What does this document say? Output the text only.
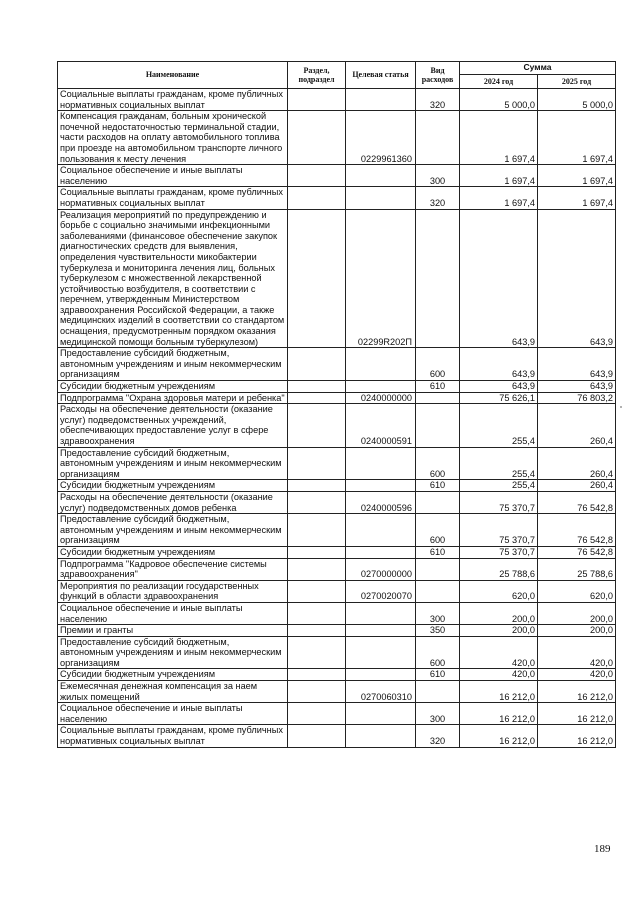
Наименование	Раздел, подраздел	Целевая статья	Вид расходов	Сумма	
				2024 год	2025 год
Социальные выплаты гражданам, кроме публичных нормативных социальных выплат			320	5 000,0	5 000,0
Компенсация гражданам, больным хронической почечной недостаточностью терминальной стадии, части расходов на оплату автомобильного топлива при проезде на автомобильном транспорте личного пользования к месту лечения		0229961360		1 697,4	1 697,4
Социальное обеспечение и иные выплаты населению			300	1 697,4	1 697,4
Социальные выплаты гражданам, кроме публичных нормативных социальных выплат			320	1 697,4	1 697,4
Реализация мероприятий по предупреждению и борьбе с социально значимыми инфекционными заболеваниями (финансовое обеспечение закупок диагностических средств для выявления, определения чувствительности микобактерии туберкулеза и мониторинга лечения лиц, больных туберкулезом с множественной лекарственной устойчивостью возбудителя, в соответствии с перечнем, утвержденным Министерством здравоохранения Российской Федерации, а также медицинских изделий в соответствии со стандартом оснащения, предусмотренным порядком оказания медицинской помощи больным туберкулезом)		02299R202П		643,9	643,9
Предоставление субсидий бюджетным, автономным учреждениям и иным некоммерческим организациям			600	643,9	643,9
Субсидии бюджетным учреждениям			610	643,9	643,9
Подпрограмма "Охрана здоровья матери и ребенка"		0240000000		75 626,1	76 803,2
Расходы на обеспечение деятельности (оказание услуг) подведомственных учреждений, обеспечивающих предоставление услуг в сфере здравоохранения		0240000591		255,4	260,4
Предоставление субсидий бюджетным, автономным учреждениям и иным некоммерческим организациям			600	255,4	260,4
Субсидии бюджетным учреждениям			610	255,4	260,4
Расходы на обеспечение деятельности (оказание услуг) подведомственных домов ребенка		0240000596		75 370,7	76 542,8
Предоставление субсидий бюджетным, автономным учреждениям и иным некоммерческим организациям			600	75 370,7	76 542,8
Субсидии бюджетным учреждениям			610	75 370,7	76 542,8
Подпрограмма "Кадровое обеспечение системы здравоохранения"		0270000000		25 788,6	25 788,6
Мероприятия по реализации государственных функций в области здравоохранения		0270020070		620,0	620,0
Социальное обеспечение и иные выплаты населению			300	200,0	200,0
Премии и гранты			350	200,0	200,0
Предоставление субсидий бюджетным, автономным учреждениям и иным некоммерческим организациям			600	420,0	420,0
Субсидии бюджетным учреждениям			610	420,0	420,0
Ежемесячная денежная компенсация за наем жилых помещений		0270060310		16 212,0	16 212,0
Социальное обеспечение и иные выплаты населению			300	16 212,0	16 212,0
Социальные выплаты гражданам, кроме публичных нормативных социальных выплат			320	16 212,0	16 212,0
189
